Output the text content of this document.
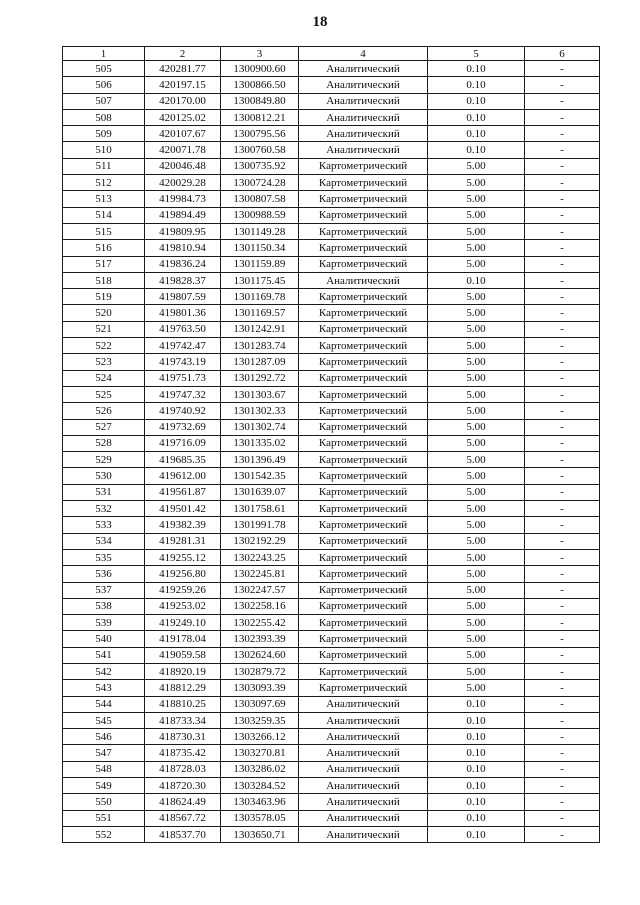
18
1	2	3	4	5	6
505	420281.77	1300900.60	Аналитический	0.10	-
506	420197.15	1300866.50	Аналитический	0.10	-
507	420170.00	1300849.80	Аналитический	0.10	-
508	420125.02	1300812.21	Аналитический	0.10	-
509	420107.67	1300795.56	Аналитический	0.10	-
510	420071.78	1300760.58	Аналитический	0.10	-
511	420046.48	1300735.92	Картометрический	5.00	-
512	420029.28	1300724.28	Картометрический	5.00	-
513	419984.73	1300807.58	Картометрический	5.00	-
514	419894.49	1300988.59	Картометрический	5.00	-
515	419809.95	1301149.28	Картометрический	5.00	-
516	419810.94	1301150.34	Картометрический	5.00	-
517	419836.24	1301159.89	Картометрический	5.00	-
518	419828.37	1301175.45	Аналитический	0.10	-
519	419807.59	1301169.78	Картометрический	5.00	-
520	419801.36	1301169.57	Картометрический	5.00	-
521	419763.50	1301242.91	Картометрический	5.00	-
522	419742.47	1301283.74	Картометрический	5.00	-
523	419743.19	1301287.09	Картометрический	5.00	-
524	419751.73	1301292.72	Картометрический	5.00	-
525	419747.32	1301303.67	Картометрический	5.00	-
526	419740.92	1301302.33	Картометрический	5.00	-
527	419732.69	1301302.74	Картометрический	5.00	-
528	419716.09	1301335.02	Картометрический	5.00	-
529	419685.35	1301396.49	Картометрический	5.00	-
530	419612.00	1301542.35	Картометрический	5.00	-
531	419561.87	1301639.07	Картометрический	5.00	-
532	419501.42	1301758.61	Картометрический	5.00	-
533	419382.39	1301991.78	Картометрический	5.00	-
534	419281.31	1302192.29	Картометрический	5.00	-
535	419255.12	1302243.25	Картометрический	5.00	-
536	419256.80	1302245.81	Картометрический	5.00	-
537	419259.26	1302247.57	Картометрический	5.00	-
538	419253.02	1302258.16	Картометрический	5.00	-
539	419249.10	1302255.42	Картометрический	5.00	-
540	419178.04	1302393.39	Картометрический	5.00	-
541	419059.58	1302624.60	Картометрический	5.00	-
542	418920.19	1302879.72	Картометрический	5.00	-
543	418812.29	1303093.39	Картометрический	5.00	-
544	418810.25	1303097.69	Аналитический	0.10	-
545	418733.34	1303259.35	Аналитический	0.10	-
546	418730.31	1303266.12	Аналитический	0.10	-
547	418735.42	1303270.81	Аналитический	0.10	-
548	418728.03	1303286.02	Аналитический	0.10	-
549	418720.30	1303284.52	Аналитический	0.10	-
550	418624.49	1303463.96	Аналитический	0.10	-
551	418567.72	1303578.05	Аналитический	0.10	-
552	418537.70	1303650.71	Аналитический	0.10	-
